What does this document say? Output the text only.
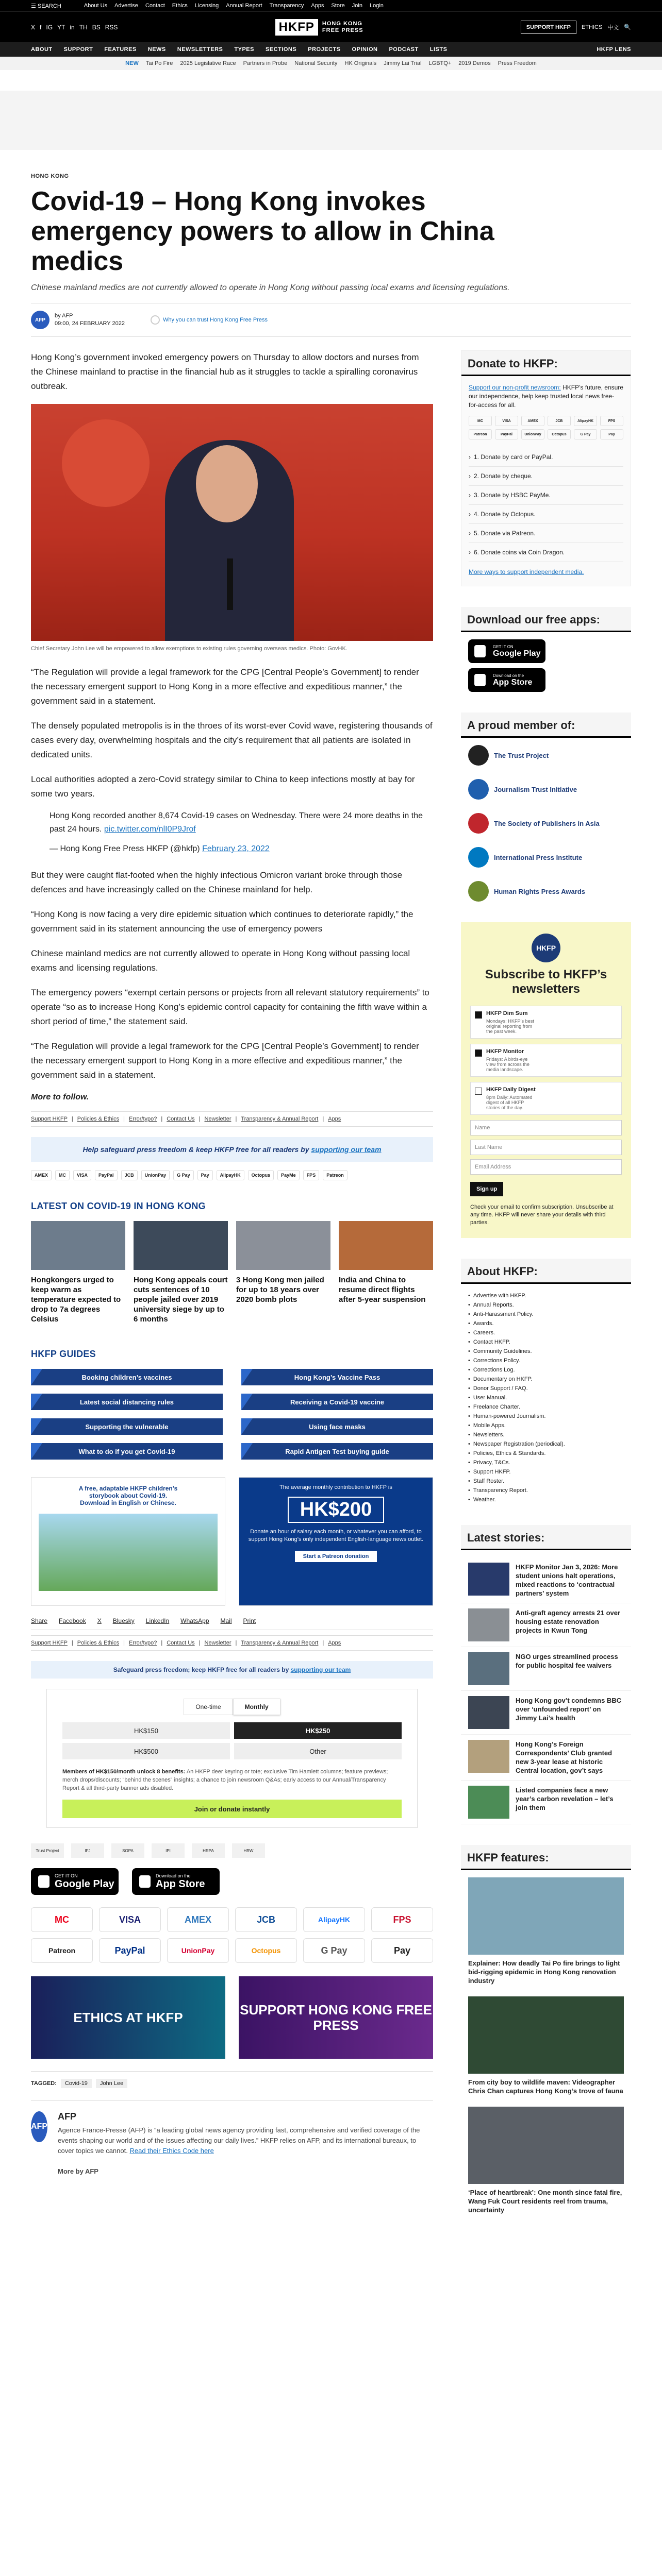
☰ SEARCH	About Us Advertise Contact Ethics Licensing Annual Report Transparency Apps Store Join Login
X f IG YT in TH BS RSS	HKFP	HONG KONG
FREE PRESS	SUPPORT HKFP	ETHICS 中文 🔍
ABOUT SUPPORT FEATURES NEWS NEWSLETTERS TYPES SECTIONS PROJECTS OPINION PODCAST LISTS	HKFP LENS
NEW Tai Po Fire 2025 Legislative Race Partners in Probe National Security HK Originals Jimmy Lai Trial LGBTQ+ 2019 Demos Press Freedom
HONG KONG
Covid-19 – Hong Kong invokes emergency powers to allow in China medics
Chinese mainland medics are not currently allowed to operate in Hong Kong without passing local exams and licensing regulations.
AFP
by AFP
09:00, 24 FEBRUARY 2022
Why you can trust Hong Kong Free Press

Hong Kong’s government invoked emergency powers on Thursday to allow doctors and nurses from the Chinese mainland to practise in the financial hub as it struggles to tackle a spiralling coronavirus outbreak.

Chief Secretary John Lee will be empowered to allow exemptions to existing rules governing overseas medics. Photo: GovHK.

“The Regulation will provide a legal framework for the CPG [Central People’s Government] to render the necessary emergent support to Hong Kong in a more effective and expeditious manner,” the government said in a statement.

The densely populated metropolis is in the throes of its worst-ever Covid wave, registering thousands of cases every day, overwhelming hospitals and the city’s requirement that all patients are isolated in dedicated units.

Local authorities adopted a zero-Covid strategy similar to China to keep infections mostly at bay for some two years.

Hong Kong recorded another 8,674 Covid-19 cases on Wednesday. There were 24 more deaths in the past 24 hours. pic.twitter.com/nlI0P9Jrof
— Hong Kong Free Press HKFP (@hkfp) February 23, 2022

But they were caught flat-footed when the highly infectious Omicron variant broke through those defences and have increasingly called on the Chinese mainland for help.

“Hong Kong is now facing a very dire epidemic situation which continues to deteriorate rapidly,” the government said in its statement announcing the use of emergency powers

Chinese mainland medics are not currently allowed to operate in Hong Kong without passing local exams and licensing regulations.

The emergency powers “exempt certain persons or projects from all relevant statutory requirements” to operate “so as to increase Hong Kong’s epidemic control capacity for containing the fifth wave within a short period of time,” the statement said.

“The Regulation will provide a legal framework for the CPG [Central People’s Government] to render the necessary emergent support to Hong Kong in a more effective and expeditious manner,” the government said in a statement.

More to follow.
Support HKFP | Policies & Ethics | Error/typo? | Contact Us | Newsletter | Transparency & Annual Report | Apps
Help safeguard press freedom & keep HKFP free for all readers by supporting our team
AMEX	MC	VISA	PayPal	JCB	UnionPay	G Pay	Pay	AlipayHK	Octopus	PayMe	FPS	Patreon
LATEST ON COVID-19 IN HONG KONG
Hongkongers urged to keep warm as temperature expected to drop to 7a degrees Celsius
Hong Kong appeals court cuts sentences of 10 people jailed over 2019 university siege by up to 6 months
3 Hong Kong men jailed for up to 18 years over 2020 bomb plots
India and China to resume direct flights after 5-year suspension
HKFP GUIDES
Booking children’s vaccines	Hong Kong’s Vaccine Pass
Latest social distancing rules	Receiving a Covid-19 vaccine
Supporting the vulnerable	Using face masks
What to do if you get Covid-19	Rapid Antigen Test buying guide
A free, adaptable HKFP children’s
storybook about Covid-19.
Download in English or Chinese.
The average monthly contribution to HKFP is
HK$200
Donate an hour of salary each month, or whatever you can afford, to support Hong Kong’s only independent English-language news outlet.
Start a Patreon donation
Share Facebook X Bluesky LinkedIn WhatsApp Mail Print
Support HKFP | Policies & Ethics | Error/typo? | Contact Us | Newsletter | Transparency & Annual Report | Apps
Safeguard press freedom; keep HKFP free for all readers by supporting our team
One-time	Monthly
HK$150	HK$250
HK$500	Other
Members of HK$150/month unlock 8 benefits: An HKFP deer keyring or tote; exclusive Tim Hamlett columns; feature previews; merch drops/discounts; “behind the scenes” insights; a chance to join newsroom Q&As; early access to our Annual/Transparency Report & all third-party banner ads disabled.
Join or donate instantly
Trust Project	IFJ	SOPA	IPI	HRPA	HRW
GET IT ON
Google Play
Download on the
App Store
MC	VISA	AMEX	JCB	AlipayHK	FPS
Patreon	PayPal	UnionPay	Octopus	G Pay	Pay
ETHICS AT HKFP	SUPPORT HONG KONG FREE PRESS
TAGGED:	Covid-19	John Lee
AFP
AFP

Agence France-Presse (AFP) is “a leading global news agency providing fast, comprehensive and verified coverage of the events shaping our world and of the issues affecting our daily lives.” HKFP relies on AFP, and its international bureaux, to cover topics we cannot. Read their Ethics Code here

More by AFP

Donate to HKFP:
Support our non-profit newsroom: HKFP’s future, ensure our independence, help keep trusted local news free-for-access for all.
MC	VISA	AMEX	JCB	AlipayHK	FPS
Patreon	PayPal	UnionPay	Octopus	G Pay	Pay
› 1. Donate by card or PayPal.
› 2. Donate by cheque.
› 3. Donate by HSBC PayMe.
› 4. Donate by Octopus.
› 5. Donate via Patreon.
› 6. Donate coins via Coin Dragon.
More ways to support independent media.
Download our free apps:
GET IT ON
Google Play
Download on the
App Store
A proud member of:
The Trust Project
Journalism Trust Initiative
The Society of Publishers in Asia
International Press Institute
Human Rights Press Awards
HKFP
Subscribe to HKFP’s newsletters
HKFP Dim Sum
Mondays: HKFP’s best original reporting from the past week.
HKFP Monitor
Fridays: A birds-eye view from across the media landscape.
HKFP Daily Digest
8pm Daily: Automated digest of all HKFP stories of the day.
Name
Last Name
Email Address
Sign up
Check your email to confirm subscription. Unsubscribe at any time. HKFP will never share your details with third parties.
About HKFP:
• Advertise with HKFP.
• Annual Reports.
• Anti-Harassment Policy.
• Awards.
• Careers.
• Contact HKFP.
• Community Guidelines.
• Corrections Policy.
• Corrections Log.
• Documentary on HKFP.
• Donor Support / FAQ.
• User Manual.
• Freelance Charter.
• Human-powered Journalism.
• Mobile Apps.
• Newsletters.
• Newspaper Registration (periodical).
• Policies, Ethics & Standards.
• Privacy, T&Cs.
• Support HKFP.
• Staff Roster.
• Transparency Report.
• Weather.
Latest stories:
HKFP Monitor Jan 3, 2026: More student unions halt operations, mixed reactions to ‘contractual partners’ system
Anti-graft agency arrests 21 over housing estate renovation projects in Kwun Tong
NGO urges streamlined process for public hospital fee waivers
Hong Kong gov’t condemns BBC over ‘unfounded report’ on Jimmy Lai’s health
Hong Kong’s Foreign Correspondents’ Club granted new 3-year lease at historic Central location, gov’t says
Listed companies face a new year’s carbon revelation – let’s join them
HKFP features:
Explainer: How deadly Tai Po fire brings to light bid-rigging epidemic in Hong Kong renovation industry
From city boy to wildlife maven: Videographer Chris Chan captures Hong Kong’s trove of fauna
‘Place of heartbreak’: One month since fatal fire, Wang Fuk Court residents reel from trauma, uncertainty
